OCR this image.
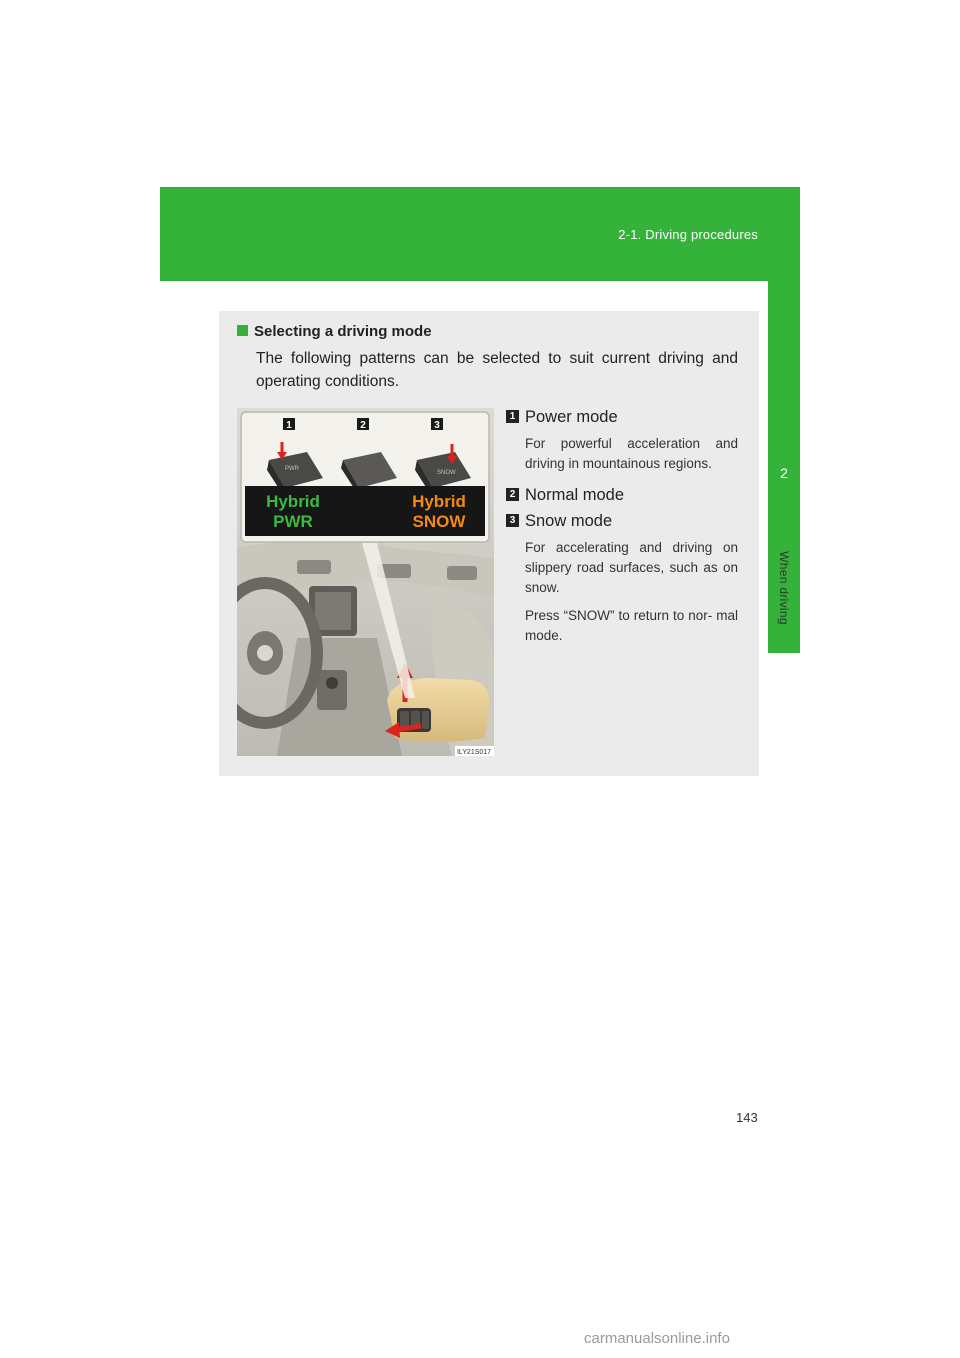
2-1. Driving procedures
2
When driving
Selecting a driving mode
The following patterns can be selected to suit current driving and operating conditions.
PWR
SNOW
1	2	3
Hybrid
PWR
Hybrid
SNOW
ILY21S017
1 Power mode
For powerful acceleration and driving in mountainous regions.
2 Normal mode
3 Snow mode
For accelerating and driving on slippery road surfaces, such as on snow.
Press “SNOW” to return to nor- mal mode.
143
carmanualsonline.info
